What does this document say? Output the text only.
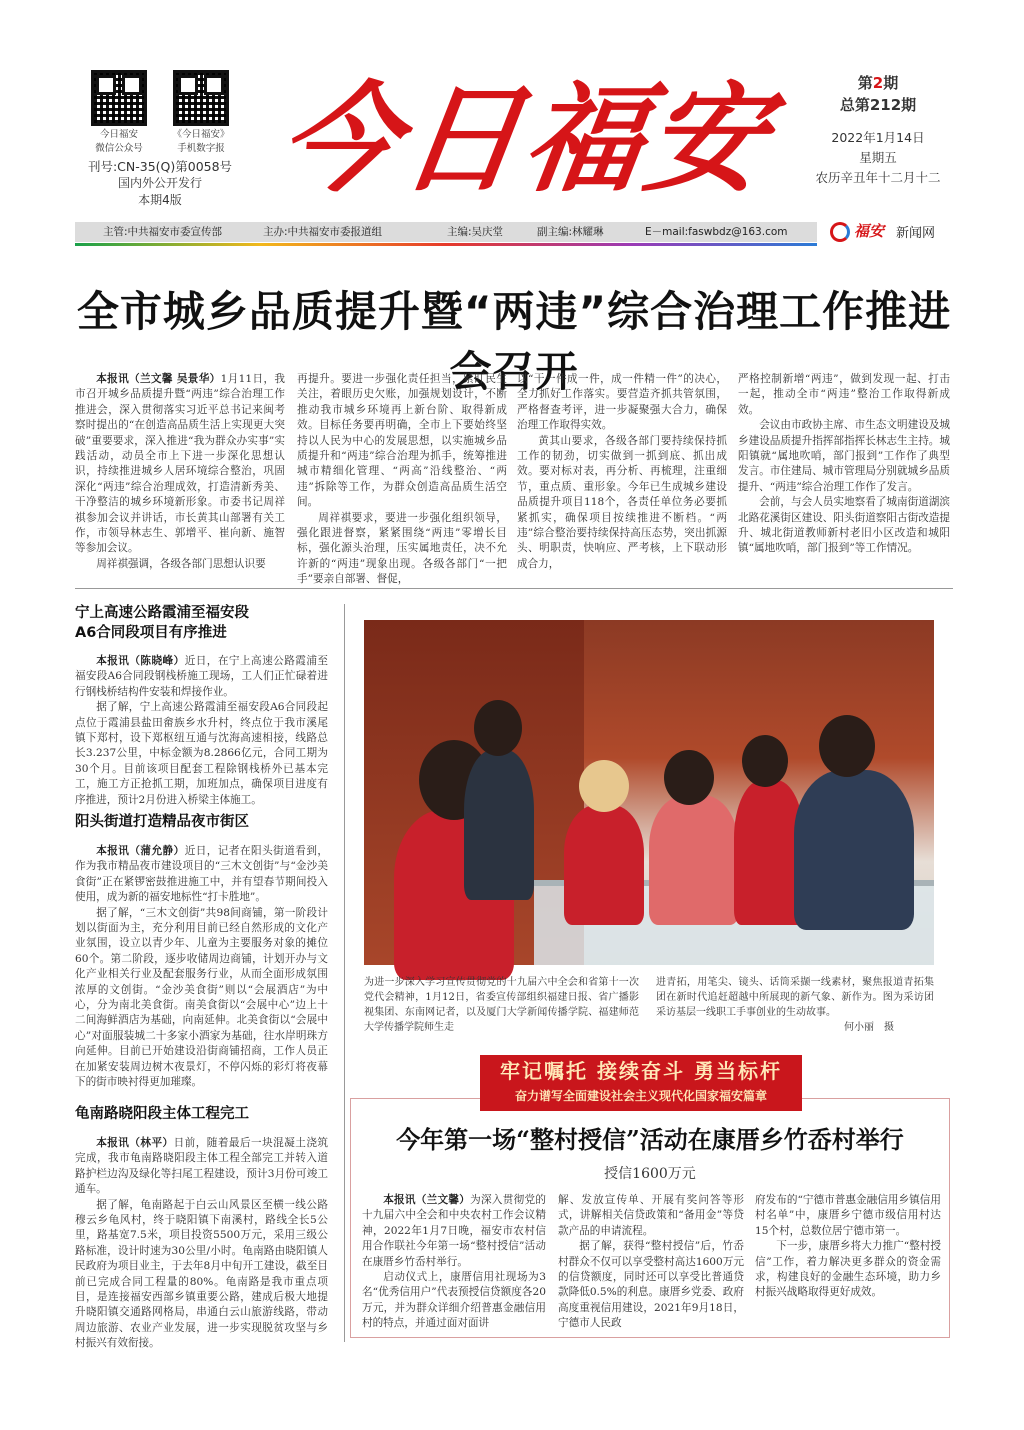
今日福安
微信公众号
《今日福安》
手机数字报
刊号:CN-35(Q)第0058号
国内外公开发行
本期4版 今日福安	第2期
总第212期
2022年1月14日
星期五
农历辛丑年十二月十二
主管:中共福安市委宣传部	主办:中共福安市委报道组	主编:吴庆堂	副主编:林耀琳	E－mail:faswbdz@163.com	福安 新闻网
全市城乡品质提升暨“两违”综合治理工作推进会召开

本报讯（兰文馨 吴景华）1月11日，我市召开城乡品质提升暨“两违”综合治理工作推进会，深入贯彻落实习近平总书记来闽考察时提出的“在创造高品质生活上实现更大突破”重要要求，深入推进“我为群众办实事”实践活动，动员全市上下进一步深化思想认识，持续推进城乡人居环境综合整治，巩固深化“两违”综合治理成效，打造清新秀美、干净整洁的城乡环境新形象。市委书记周祥祺参加会议并讲话，市长黄其山部署有关工作，市领导林志生、郭增平、崔向新、施智等参加会议。

周祥祺强调，各级各部门思想认识要

再提升。要进一步强化责任担当，紧盯民生关注，着眼历史欠账，加强规划设计，不断推动我市城乡环境再上新台阶、取得新成效。目标任务要再明确，全市上下要始终坚持以人民为中心的发展思想，以实施城乡品质提升和“两违”综合治理为抓手，统筹推进城市精细化管理、“两高”沿线整治、“两违”拆除等工作，为群众创造高品质生活空间。

周祥祺要求，要进一步强化组织领导，强化跟进督察，紧紧围绕“两违”零增长目标，强化源头治理，压实属地责任，决不允许新的“两违”现象出现。各级各部门“一把手”要亲自部署、督促，

以“干一件成一件，成一件精一件”的决心，全力抓好工作落实。要营造齐抓共管氛围，严格督查考评，进一步凝聚强大合力，确保治理工作取得实效。

黄其山要求，各级各部门要持续保持抓工作的韧劲，切实做到一抓到底、抓出成效。要对标对表，再分析、再梳理，注重细节，重点质、重形象。今年已生成城乡建设品质提升项目118个，各责任单位务必要抓紧抓实，确保项目按续推进不断档。“两违”综合整治要持续保持高压态势，突出抓源头、明职责，快响应、严考核，上下联动形成合力，

严格控制新增“两违”，做到发现一起、打击一起，推动全市“两违”整治工作取得新成效。

会议由市政协主席、市生态文明建设及城乡建设品质提升指挥部指挥长林志生主持。城阳镇就“属地吹哨，部门报到”工作作了典型发言。市住建局、城市管理局分别就城乡品质提升、“两违”综合治理工作作了发言。

会前，与会人员实地察看了城南街道湖滨北路花溪街区建设、阳头街道察阳古街改造提升、城北街道教师新村老旧小区改造和城阳镇“属地吹哨，部门报到”等工作情况。

宁上高速公路霞浦至福安段
A6合同段项目有序推进

本报讯（陈晓峰）近日，在宁上高速公路霞浦至福安段A6合同段钢栈桥施工现场，工人们正忙碌着进行钢栈桥结构件安装和焊接作业。

据了解，宁上高速公路霞浦至福安段A6合同段起点位于霞浦县盐田畲族乡水升村，终点位于我市溪尾镇下郑村，设下郑枢纽互通与沈海高速相接，线路总长3.237公里，中标金额为8.2866亿元，合同工期为30个月。目前该项目配套工程除钢栈桥外已基本完工，施工方正抢抓工期，加班加点，确保项目进度有序推进，预计2月份进入桥梁主体施工。

阳头街道打造精品夜市街区

本报讯（蒲允静）近日，记者在阳头街道看到，作为我市精品夜市建设项目的“三木文创街”与“金沙美食街”正在紧锣密鼓推进施工中，并有望春节期间投入使用，成为新的福安地标性“打卡胜地”。

据了解，“三木文创街”共98间商铺，第一阶段计划以街面为主，充分利用目前已经自然形成的文化产业氛围，设立以青少年、儿童为主要服务对象的摊位60个。第二阶段，逐步收储周边商铺，计划开办与文化产业相关行业及配套服务行业，从而全面形成氛围浓厚的文创街。“金沙美食街”则以“会展酒店”为中心，分为南北美食街。南美食街以“会展中心”边上十二间海鲜酒店为基础，向南延伸。北美食街以“会展中心”对面服装城二十多家小酒家为基础，往水岸明珠方向延伸。目前已开始建设沿街商铺招商，工作人员正在加紧安装周边树木夜景灯，不停闪烁的彩灯将夜幕下的街市映衬得更加璀璨。

龟南路晓阳段主体工程完工

本报讯（林平）日前，随着最后一块混凝土浇筑完成，我市龟南路晓阳段主体工程全部完工并转入道路护栏边沟及绿化等扫尾工程建设，预计3月份可竣工通车。

据了解，龟南路起于白云山风景区至横一线公路穆云乡龟风村，终于晓阳镇下南溪村，路线全长5公里，路基宽7.5米，项目投资5500万元，采用三级公路标准，设计时速为30公里/小时。龟南路由晓阳镇人民政府为项目业主，于去年8月中旬开工建设，截至目前已完成合同工程量的80%。龟南路是我市重点项目，是连接福安西部乡镇重要公路，建成后极大地提升晓阳镇交通路网格局，串通白云山旅游线路，带动周边旅游、农业产业发展，进一步实现脱贫攻坚与乡村振兴有效衔接。

为进一步深入学习宣传贯彻党的十九届六中全会和省第十一次党代会精神，1月12日，省委宣传部组织福建日报、省广播影视集团、东南网记者，以及厦门大学新闻传播学院、福建师范大学传播学院师生走
进青拓，用笔尖、镜头、话筒采撷一线素材，聚焦报道青拓集团在新时代追赶超越中所展现的新气象、新作为。图为采访团采访基层一线职工手事创业的生动故事。
何小丽　摄
牢记嘱托 接续奋斗 勇当标杆
奋力谱写全面建设社会主义现代化国家福安篇章
今年第一场“整村授信”活动在康厝乡竹岙村举行
授信1600万元

本报讯（兰文馨）为深入贯彻党的十九届六中全会和中央农村工作会议精神，2022年1月7日晚，福安市农村信用合作联社今年第一场“整村授信”活动在康厝乡竹岙村举行。

启动仪式上，康厝信用社现场为3名“优秀信用户”代表预授信贷额度各20万元，并为群众详细介绍普惠金融信用村的特点，并通过面对面讲

解、发放宣传单、开展有奖问答等形式，讲解相关信贷政策和“备用金”等贷款产品的申请流程。

据了解，获得“整村授信”后，竹岙村群众不仅可以享受整村高达1600万元的信贷额度，同时还可以享受比普通贷款降低0.5%的利息。康厝乡党委、政府高度重视信用建设，2021年9月18日，宁德市人民政

府发布的“宁德市普惠金融信用乡镇信用村名单”中，康厝乡宁德市级信用村达15个村，总数位居宁德市第一。

下一步，康厝乡将大力推广“整村授信”工作，着力解决更多群众的资金需求，构建良好的金融生态环境，助力乡村振兴战略取得更好成效。
